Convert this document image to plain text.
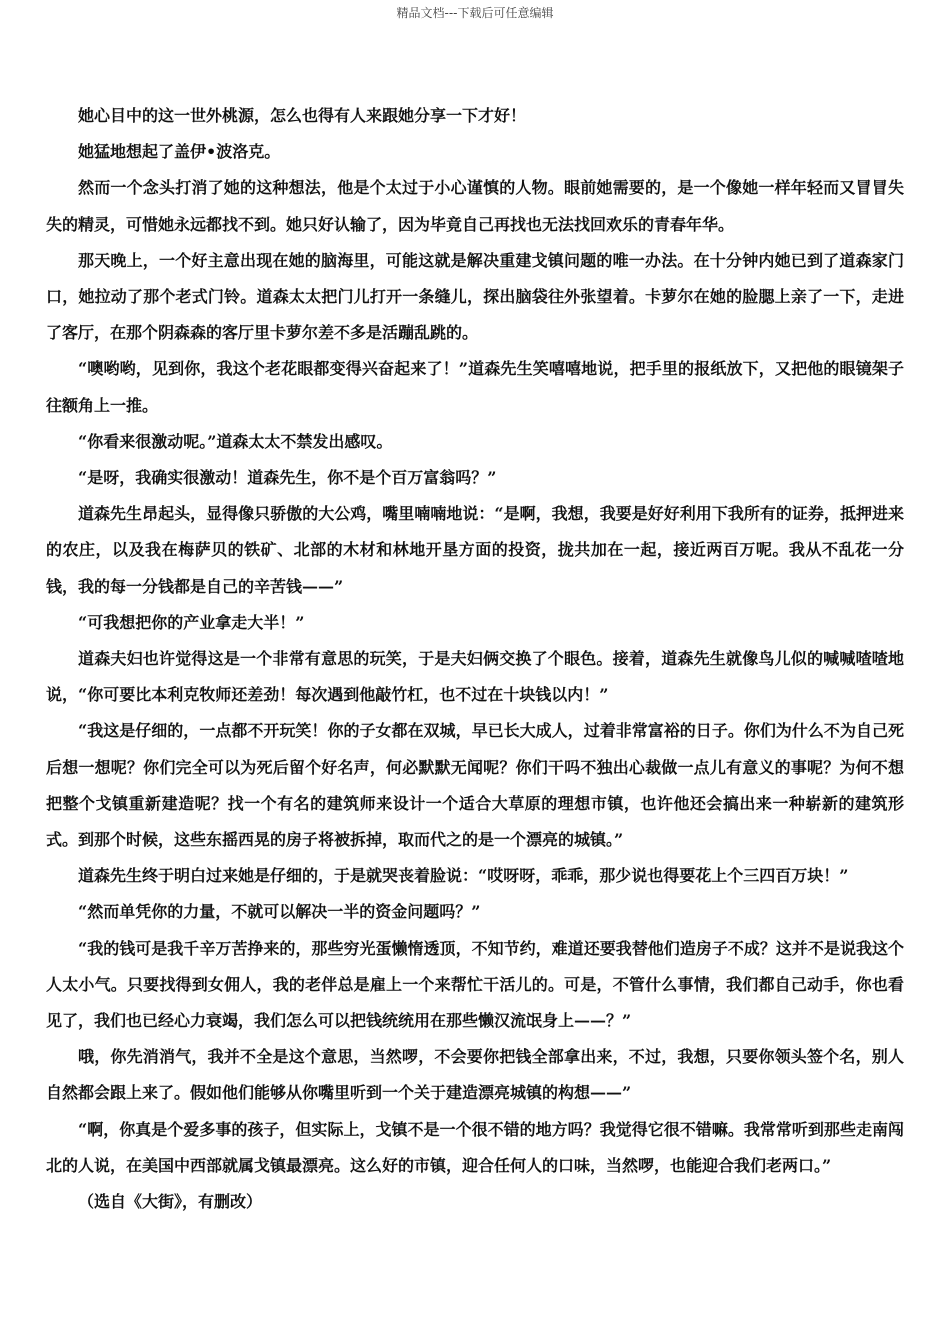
精品文档---下载后可任意编辑

她心目中的这一世外桃源，怎么也得有人来跟她分享一下才好！

她猛地想起了盖伊•波洛克。

然而一个念头打消了她的这种想法，他是个太过于小心谨慎的人物。眼前她需要的，是一个像她一样年轻而又冒冒失失的精灵，可惜她永远都找不到。她只好认输了，因为毕竟自己再找也无法找回欢乐的青春年华。

那天晚上，一个好主意出现在她的脑海里，可能这就是解决重建戈镇问题的唯一办法。在十分钟内她已到了道森家门口，她拉动了那个老式门铃。道森太太把门儿打开一条缝儿，探出脑袋往外张望着。卡萝尔在她的脸腮上亲了一下，走进了客厅，在那个阴森森的客厅里卡萝尔差不多是活蹦乱跳的。

“噢哟哟，见到你，我这个老花眼都变得兴奋起来了！”道森先生笑嘻嘻地说，把手里的报纸放下，又把他的眼镜架子往额角上一推。

“你看来很激动呢。”道森太太不禁发出感叹。

“是呀，我确实很激动！道森先生，你不是个百万富翁吗？”

道森先生昂起头，显得像只骄傲的大公鸡，嘴里喃喃地说：“是啊，我想，我要是好好利用下我所有的证券，抵押进来的农庄，以及我在梅萨贝的铁矿、北部的木材和林地开垦方面的投资，拢共加在一起，接近两百万呢。我从不乱花一分钱，我的每一分钱都是自己的辛苦钱——”

“可我想把你的产业拿走大半！”

道森夫妇也许觉得这是一个非常有意思的玩笑，于是夫妇俩交换了个眼色。接着，道森先生就像鸟儿似的喊喊喳喳地说，“你可要比本利克牧师还差劲！每次遇到他敲竹杠，也不过在十块钱以内！”

“我这是仔细的，一点都不开玩笑！你的子女都在双城，早已长大成人，过着非常富裕的日子。你们为什么不为自己死后想一想呢？你们完全可以为死后留个好名声，何必默默无闻呢？你们干吗不独出心裁做一点儿有意义的事呢？为何不想把整个戈镇重新建造呢？找一个有名的建筑师来设计一个适合大草原的理想市镇，也许他还会搞出来一种崭新的建筑形式。到那个时候，这些东摇西晃的房子将被拆掉，取而代之的是一个漂亮的城镇。”

道森先生终于明白过来她是仔细的，于是就哭丧着脸说：“哎呀呀，乖乖，那少说也得要花上个三四百万块！”

“然而单凭你的力量，不就可以解决一半的资金问题吗？”

“我的钱可是我千辛万苦挣来的，那些穷光蛋懒惰透顶，不知节约，难道还要我替他们造房子不成？这并不是说我这个人太小气。只要找得到女佣人，我的老伴总是雇上一个来帮忙干活儿的。可是，不管什么事情，我们都自己动手，你也看见了，我们也已经心力衰竭，我们怎么可以把钱统统用在那些懒汉流氓身上——？”

哦，你先消消气，我并不全是这个意思，当然啰，不会要你把钱全部拿出来，不过，我想，只要你领头签个名，别人自然都会跟上来了。假如他们能够从你嘴里听到一个关于建造漂亮城镇的构想——”

“啊，你真是个爱多事的孩子，但实际上，戈镇不是一个很不错的地方吗？我觉得它很不错嘛。我常常听到那些走南闯北的人说，在美国中西部就属戈镇最漂亮。这么好的市镇，迎合任何人的口味，当然啰，也能迎合我们老两口。”

（选自《大街》，有删改）
